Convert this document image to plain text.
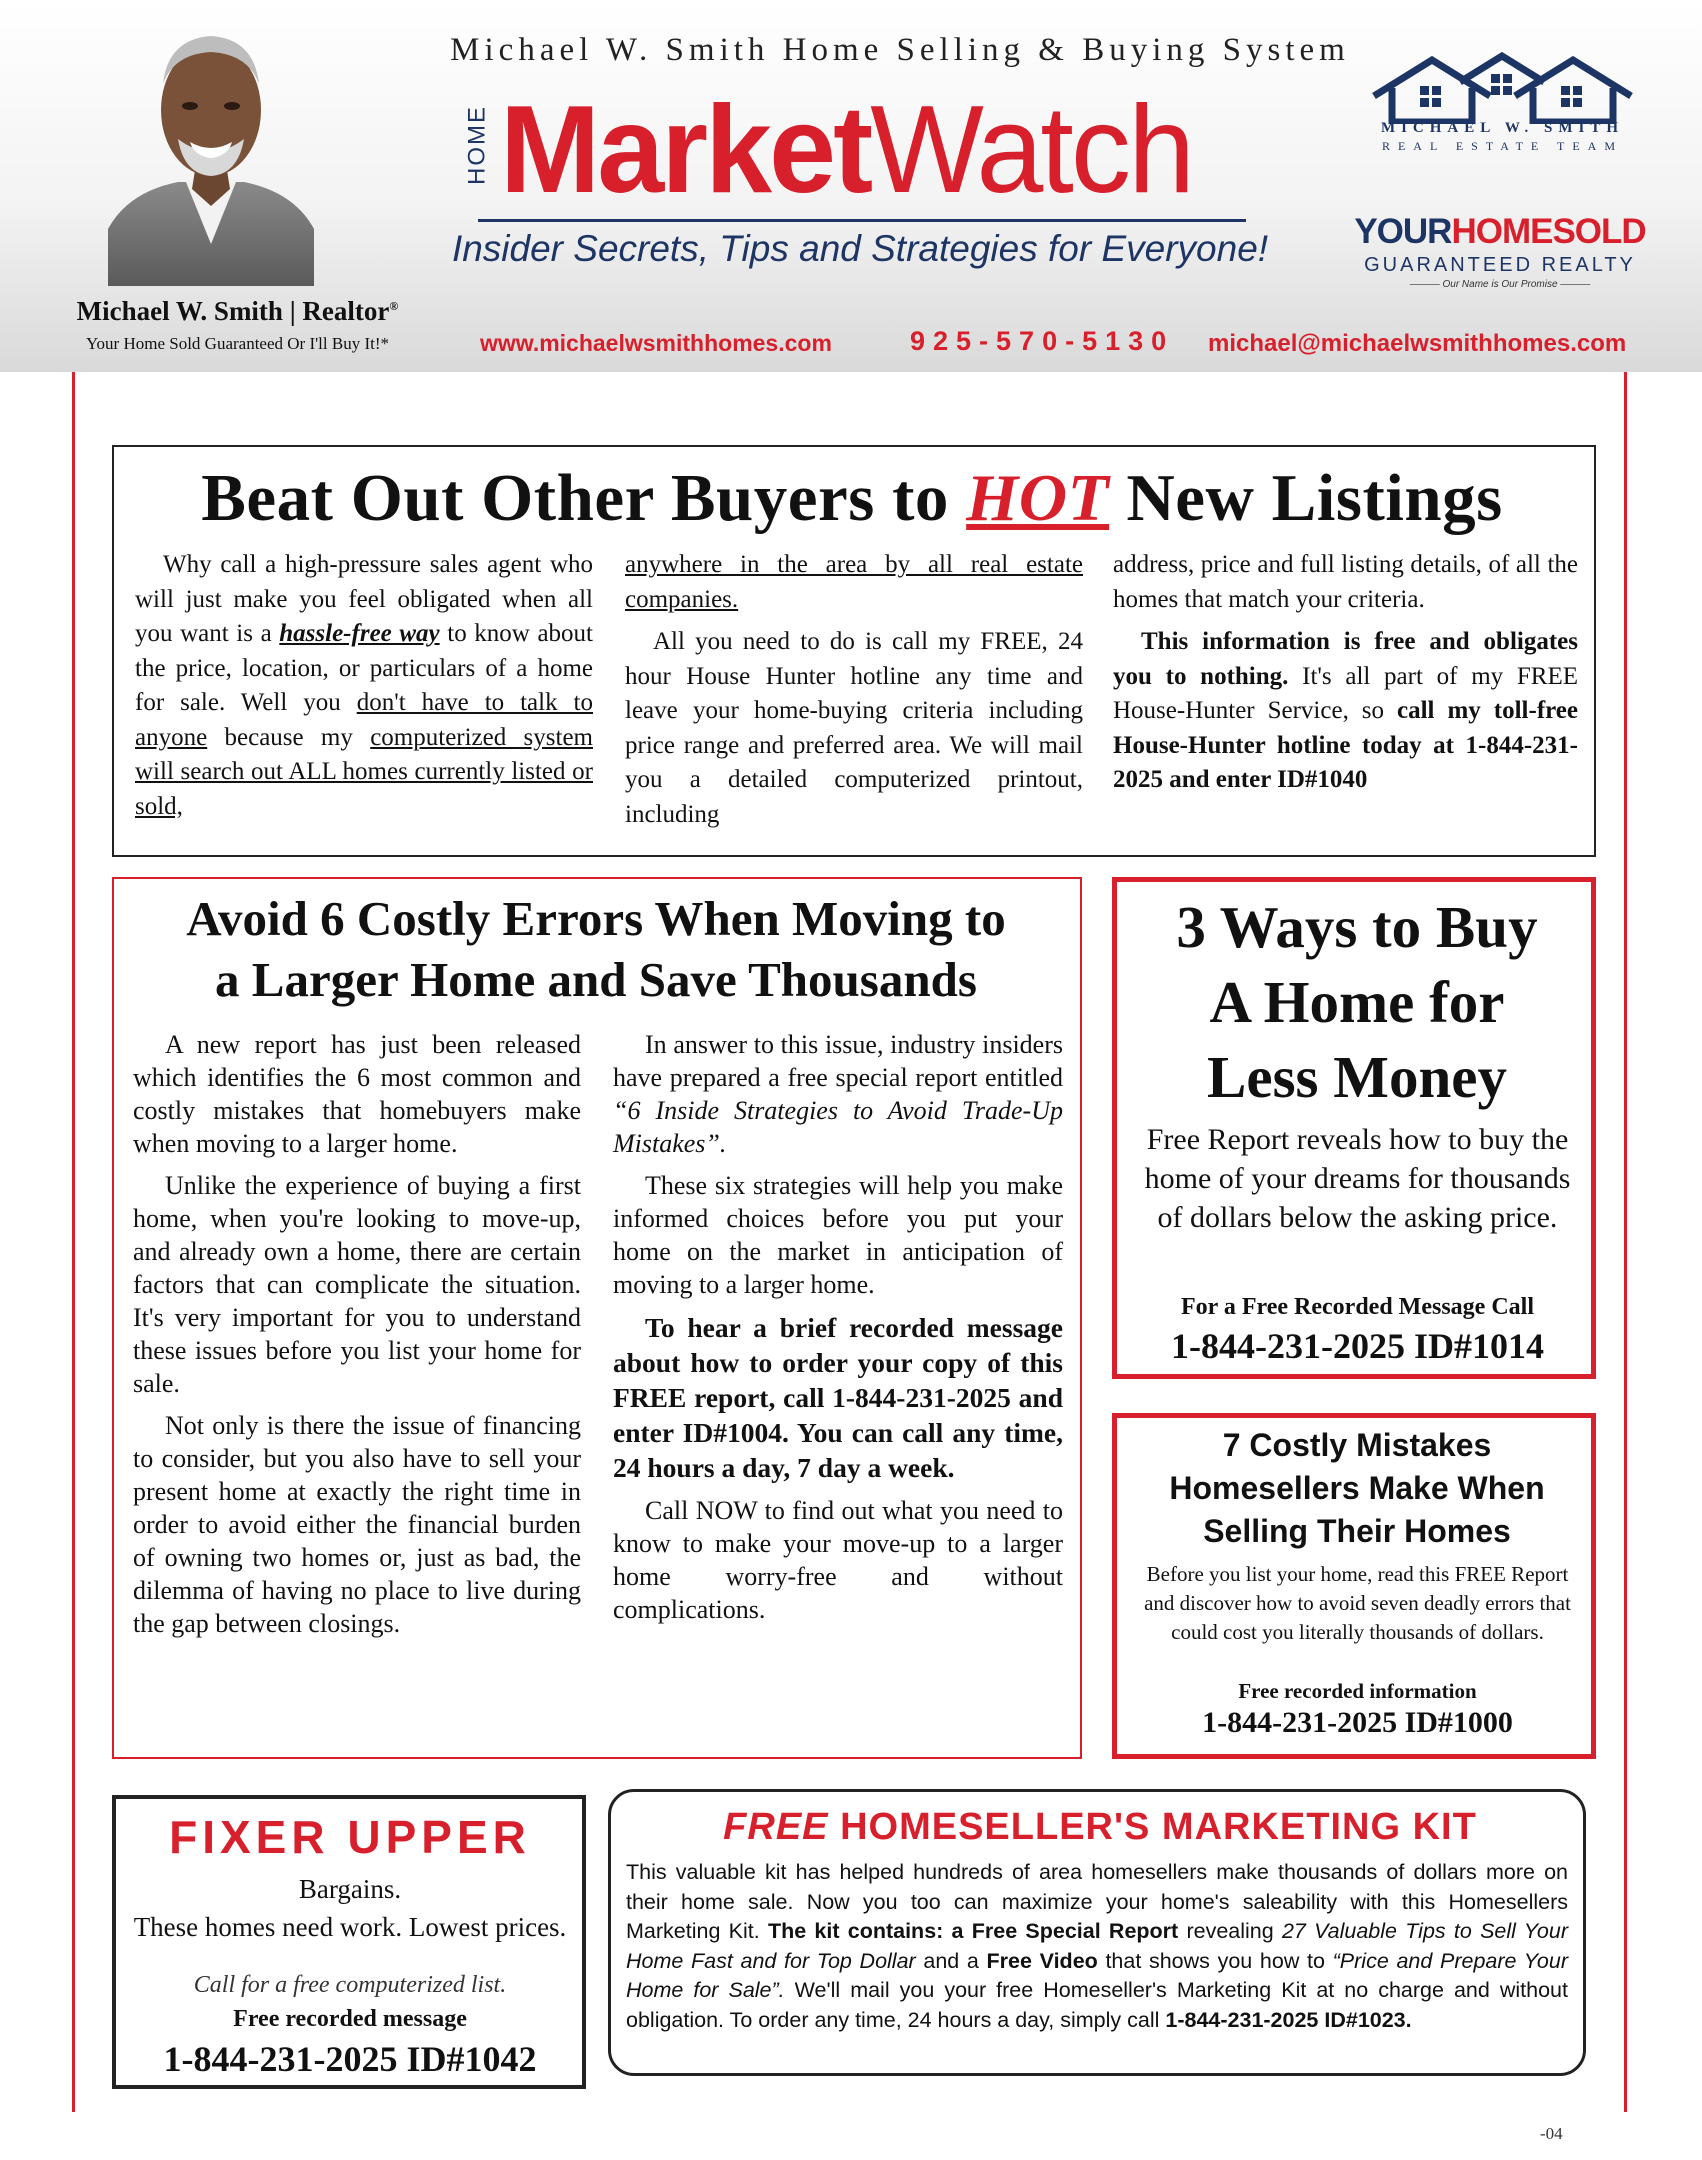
Michael W. Smith | Realtor®
Your Home Sold Guaranteed Or I'll Buy It!*
Michael W. Smith Home Selling & Buying System
HOME MarketWatch
Insider Secrets, Tips and Strategies for Everyone!
www.michaelwsmithhomes.com	925-570-5130 michael@michaelwsmithhomes.com
MICHAEL W. SMITH
REAL ESTATE TEAM
YOURHOMESOLD
GUARANTEED REALTY
——— Our Name is Our Promise ———
Beat Out Other Buyers to HOT New Listings

Why call a high-pressure sales agent who will just make you feel obligated when all you want is a hassle-free way to know about the price, location, or particulars of a home for sale. Well you don't have to talk to anyone because my computerized system will search out ALL homes currently listed or sold,

anywhere in the area by all real estate companies.

All you need to do is call my FREE, 24 hour House Hunter hotline any time and leave your home-buying criteria including price range and preferred area. We will mail you a detailed computerized printout, including

address, price and full listing details, of all the homes that match your criteria.

This information is free and obligates you to nothing. It's all part of my FREE House-Hunter Service, so call my toll-free House-Hunter hotline today at 1-844-231-2025 and enter ID#1040

Avoid 6 Costly Errors When Moving to
a Larger Home and Save Thousands

A new report has just been released which identifies the 6 most common and costly mistakes that homebuyers make when moving to a larger home.

Unlike the experience of buying a first home, when you're looking to move-up, and already own a home, there are certain factors that can complicate the situation. It's very important for you to understand these issues before you list your home for sale.

Not only is there the issue of financing to consider, but you also have to sell your present home at exactly the right time in order to avoid either the financial burden of owning two homes or, just as bad, the dilemma of having no place to live during the gap between closings.

In answer to this issue, industry insiders have prepared a free special report entitled “6 Inside Strategies to Avoid Trade-Up Mistakes”.

These six strategies will help you make informed choices before you put your home on the market in anticipation of moving to a larger home.

To hear a brief recorded message about how to order your copy of this FREE report, call 1-844-231-2025 and enter ID#1004. You can call any time, 24 hours a day, 7 day a week.

Call NOW to find out what you need to know to make your move-up to a larger home worry-free and without complications.

3 Ways to Buy
A Home for
Less Money
Free Report reveals how to buy the home of your dreams for thousands of dollars below the asking price.
For a Free Recorded Message Call
1-844-231-2025 ID#1014
7 Costly Mistakes
Homesellers Make When
Selling Their Homes
Before you list your home, read this FREE Report and discover how to avoid seven deadly errors that could cost you literally thousands of dollars.
Free recorded information
1-844-231-2025 ID#1000
FIXER UPPER
Bargains.
These homes need work. Lowest prices.
Call for a free computerized list.
Free recorded message
1-844-231-2025 ID#1042
FREE HOMESELLER'S MARKETING KIT
This valuable kit has helped hundreds of area homesellers make thousands of dollars more on their home sale. Now you too can maximize your home's saleability with this Homesellers Marketing Kit. The kit contains: a Free Special Report revealing 27 Valuable Tips to Sell Your Home Fast and for Top Dollar and a Free Video that shows you how to “Price and Prepare Your Home for Sale”. We'll mail you your free Homeseller's Marketing Kit at no charge and without obligation. To order any time, 24 hours a day, simply call 1-844-231-2025 ID#1023.
-04
